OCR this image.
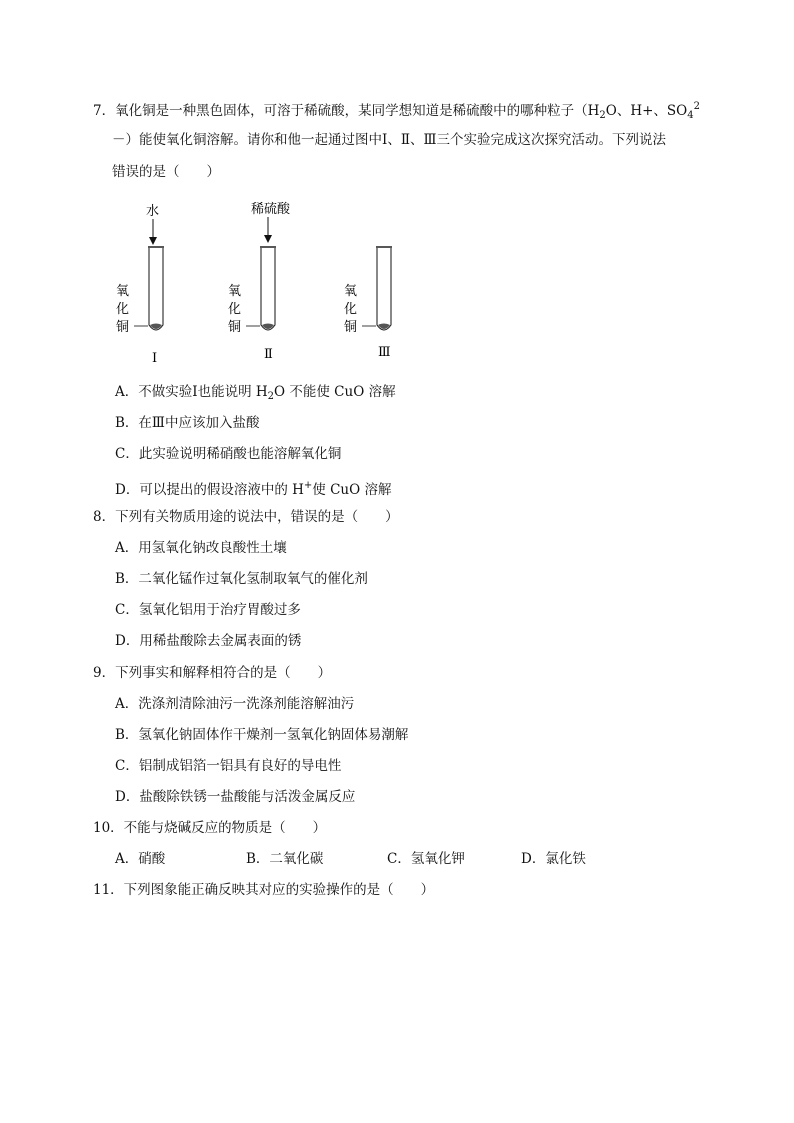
7．氧化铜是一种黑色固体，可溶于稀硫酸，某同学想知道是稀硫酸中的哪种粒子（$H_2O$、H+、$SO_4^2$
－）能使氧化铜溶解。请你和他一起通过图中Ⅰ、Ⅱ、Ⅲ三个实验完成这次探究活动。下列说法
错误的是（　　）
水
氧
化
铜
Ⅰ
稀硫酸
氧
化
铜
Ⅱ
氧
化
铜
Ⅲ
A．不做实验Ⅰ也能说明 $H_2O$ 不能使 CuO 溶解
B．在Ⅲ中应该加入盐酸
C．此实验说明稀硝酸也能溶解氧化铜
D．可以提出的假设溶液中的 H+使 CuO 溶解
8．下列有关物质用途的说法中，错误的是（　　）
A．用氢氧化钠改良酸性土壤
B．二氧化锰作过氧化氢制取氧气的催化剂
C．氢氧化铝用于治疗胃酸过多
D．用稀盐酸除去金属表面的锈
9．下列事实和解释相符合的是（　　）
A．洗涤剂清除油污一洗涤剂能溶解油污
B．氢氧化钠固体作干燥剂一氢氧化钠固体易潮解
C．铝制成铝箔一铝具有良好的导电性
D．盐酸除铁锈一盐酸能与活泼金属反应
10．不能与烧碱反应的物质是（　　）
A．硝酸	B．二氧化碳	C．氢氧化钾	D．氯化铁
11．下列图象能正确反映其对应的实验操作的是（　　）
